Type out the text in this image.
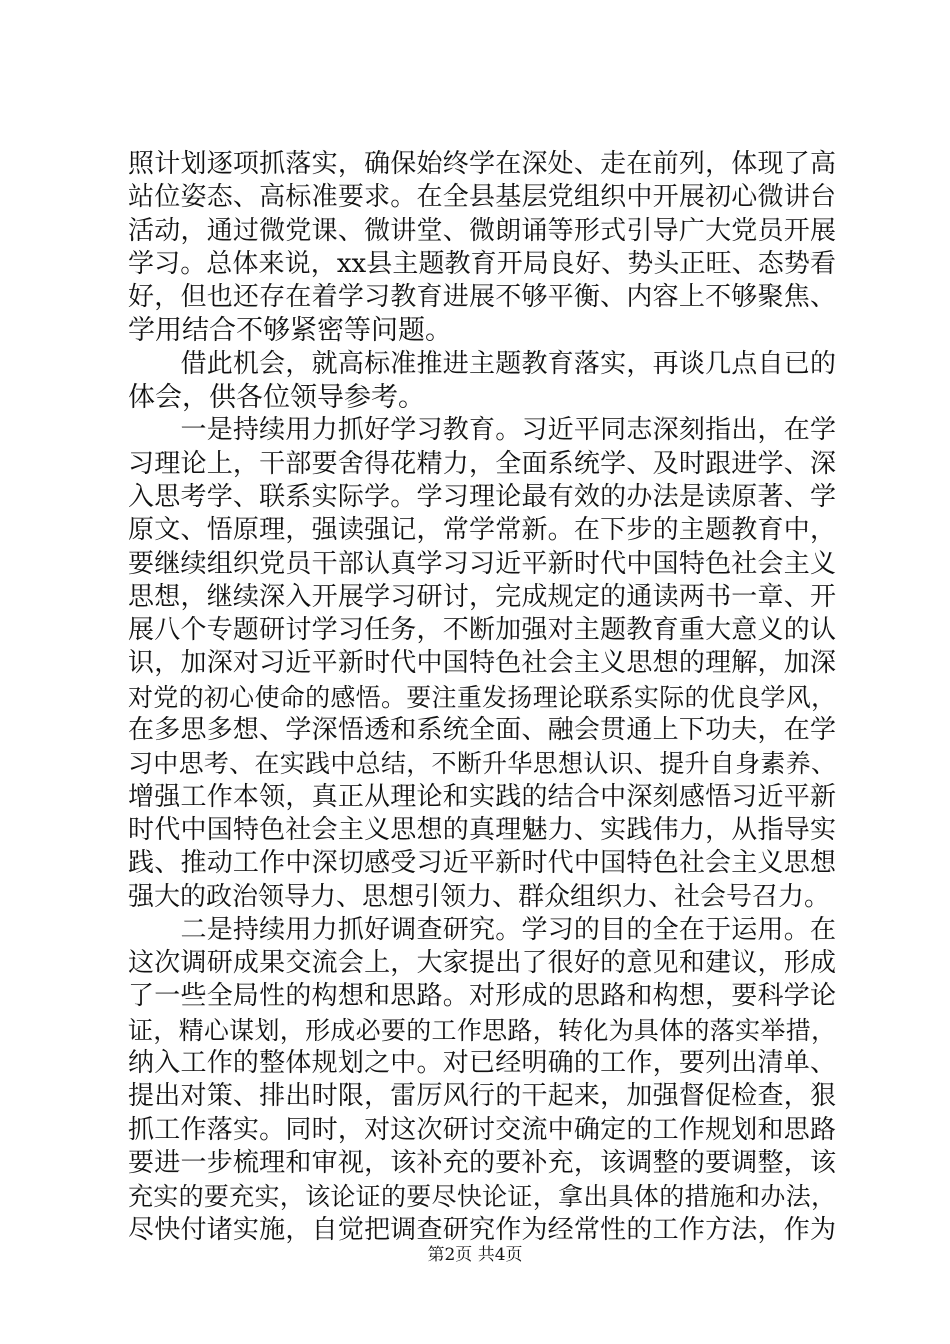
照计划逐项抓落实，确保始终学在深处、走在前列，体现了高
站位姿态、高标准要求。在全县基层党组织中开展初心微讲台
活动，通过微党课、微讲堂、微朗诵等形式引导广大党员开展
学习。总体来说，xx县主题教育开局良好、势头正旺、态势看
好，但也还存在着学习教育进展不够平衡、内容上不够聚焦、
学用结合不够紧密等问题。
　　借此机会，就高标准推进主题教育落实，再谈几点自已的
体会，供各位领导参考。
　　一是持续用力抓好学习教育。习近平同志深刻指出，在学
习理论上，干部要舍得花精力，全面系统学、及时跟进学、深
入思考学、联系实际学。学习理论最有效的办法是读原著、学
原文、悟原理，强读强记，常学常新。在下步的主题教育中，
要继续组织党员干部认真学习习近平新时代中国特色社会主义
思想，继续深入开展学习研讨，完成规定的通读两书一章、开
展八个专题研讨学习任务，不断加强对主题教育重大意义的认
识，加深对习近平新时代中国特色社会主义思想的理解，加深
对党的初心使命的感悟。要注重发扬理论联系实际的优良学风，
在多思多想、学深悟透和系统全面、融会贯通上下功夫，在学
习中思考、在实践中总结，不断升华思想认识、提升自身素养、
增强工作本领，真正从理论和实践的结合中深刻感悟习近平新
时代中国特色社会主义思想的真理魅力、实践伟力，从指导实
践、推动工作中深切感受习近平新时代中国特色社会主义思想
强大的政治领导力、思想引领力、群众组织力、社会号召力。
　　二是持续用力抓好调查研究。学习的目的全在于运用。在
这次调研成果交流会上，大家提出了很好的意见和建议，形成
了一些全局性的构想和思路。对形成的思路和构想，要科学论
证，精心谋划，形成必要的工作思路，转化为具体的落实举措，
纳入工作的整体规划之中。对已经明确的工作，要列出清单、
提出对策、排出时限，雷厉风行的干起来，加强督促检查，狠
抓工作落实。同时，对这次研讨交流中确定的工作规划和思路
要进一步梳理和审视，该补充的要补充，该调整的要调整，该
充实的要充实，该论证的要尽快论证，拿出具体的措施和办法，
尽快付诸实施，自觉把调查研究作为经常性的工作方法，作为
第2页 共4页
